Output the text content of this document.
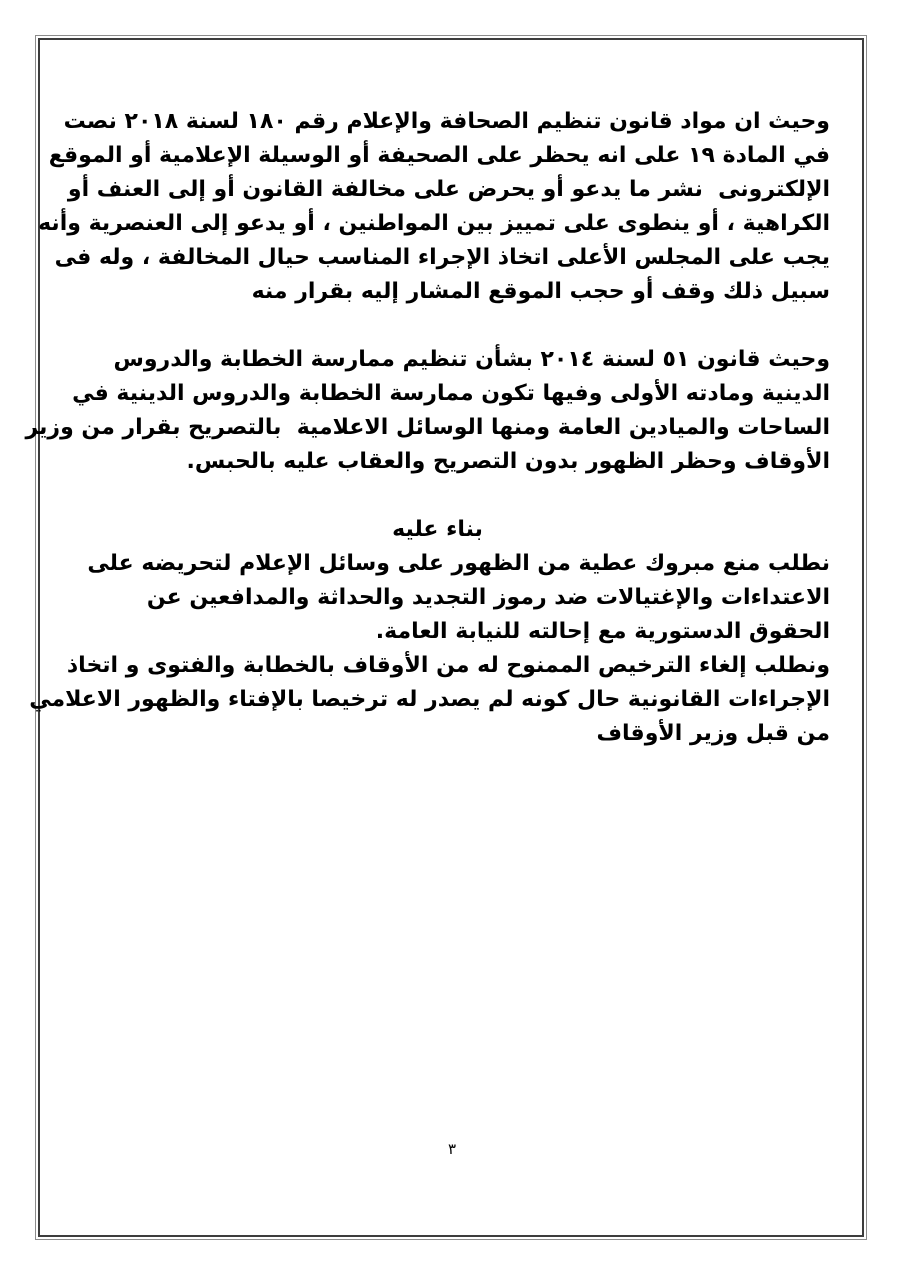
وحيث ان مواد قانون تنظيم الصحافة والإعلام رقم ١٨٠ لسنة ٢٠١٨ نصت
في المادة ١٩ على انه يحظر على الصحيفة أو الوسيلة الإعلامية أو الموقع
الإلكترونى  نشر ما يدعو أو يحرض على مخالفة القانون أو إلى العنف أو
الكراهية ، أو ينطوى على تمييز بين المواطنين ، أو يدعو إلى العنصرية وأنه
يجب على المجلس الأعلى اتخاذ الإجراء المناسب حيال المخالفة ، وله فى
سبيل ذلك وقف أو حجب الموقع المشار إليه بقرار منه
وحيث قانون ٥١ لسنة ٢٠١٤ بشأن تنظيم ممارسة الخطابة والدروس
الدينية ومادته الأولى وفيها تكون ممارسة الخطابة والدروس الدينية في
الساحات والميادين العامة ومنها الوسائل الاعلامية  بالتصريح بقرار من وزير
الأوقاف وحظر الظهور بدون التصريح والعقاب عليه بالحبس.
بناء عليه
نطلب منع مبروك عطية من الظهور على وسائل الإعلام لتحريضه على
الاعتداءات والإغتيالات ضد رموز التجديد والحداثة والمدافعين عن
الحقوق الدستورية مع إحالته للنيابة العامة.
ونطلب إلغاء الترخيص الممنوح له من الأوقاف بالخطابة والفتوى و اتخاذ
الإجراءات القانونية حال كونه لم يصدر له ترخيصا بالإفتاء والظهور الاعلامي
من قبل وزير الأوقاف
٣
